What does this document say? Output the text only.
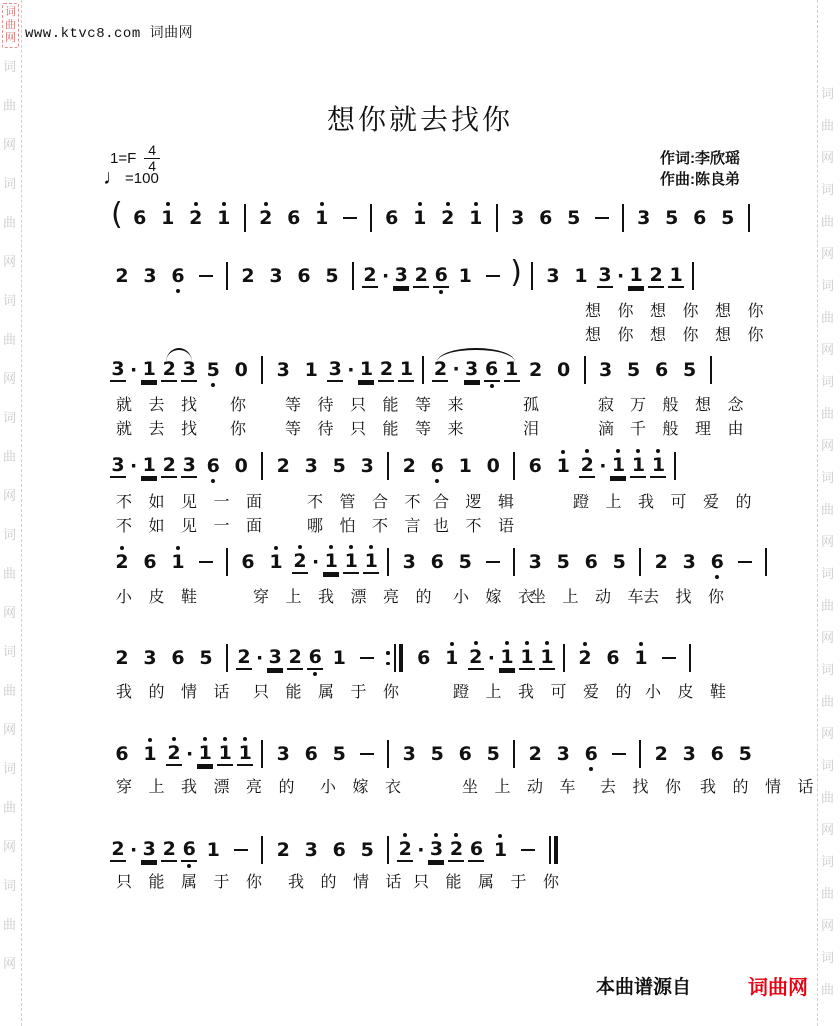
词
曲
网
词
曲
网
词
曲
网
词
曲
网
词
曲
网
词
曲
网
词
曲
网
词
曲
网
词
曲
网
词
曲
网
词
曲
网
词
曲
网
词
曲
网
词
曲
网
词
曲
网
词
曲
网
词
曲
网
词
曲
词
曲
网 www.ktvc8.com 词曲网
想你就去找你
$1=F \frac{4}{4}$
♩ =100
作词:李欣瑶
作曲:陈良弟
( 6 1 2 1 2 6 1	6 1 2 1 3 6 5	3 5 6 5
2 3 6	2 3 6 5 2 · 3 2 6 1 ) 3 1 3 · 1 2 1
想你想你想你
想你想你想你
3 · 1 2 3 5 0 3 1 3 · 1 2 1 2 · 3 6 1 2 0 3 5 6 5
就去找 你 等待只能等来	孤	寂 万般想念
就去找 你 等待只能等来	泪	滴 千般理由
3 · 1 2 3 6 0 2 3 5 3 2 6 1 0 6 1 2 · 1 1 1
不如见一面 不管合不
合逻辑	蹬上我可爱的
不如见一面 哪怕不言
也不语
2 6 1	6 1 2 · 1 1 1 3 6 5	3 5 6 5 2 3 6
小皮鞋 穿上我漂亮的 小嫁衣
坐上动车
去找你
2 3 6 5 2 · 3 2 6 1	6 1 2 · 1 1 1 2 6 1
我的情话 只能属于你 蹬上我可爱的
小皮鞋
6 1 2 · 1 1 1 3 6 5	3 5 6 5 2 3 6	2 3 6 5
穿上我漂亮的 小嫁衣	坐上动车 去找你 我的情话
2 · 3 2 6 1	2 3 6 5 2 · 3 2 6 1
只能属于你 我的情话
只能属于你
本曲谱源自	词曲网
